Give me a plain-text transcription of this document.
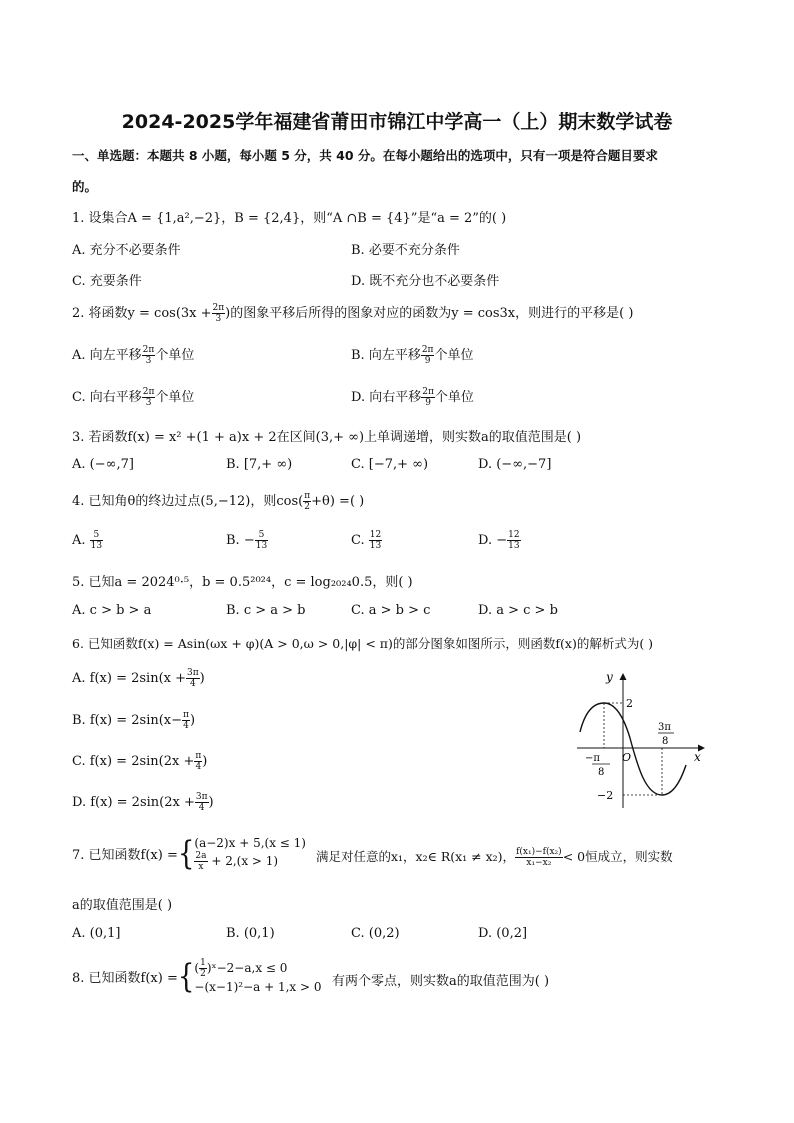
2024-2025学年福建省莆田市锦江中学高一（上）期末数学试卷
一、单选题：本题共 8 小题，每小题 5 分，共 40 分。在每小题给出的选项中，只有一项是符合题目要求
的。
1. 设集合A = {1,a²,−2}，B = {2,4}，则“A ∩B = {4}”是“a = 2”的( )
A. 充分不必要条件	B. 必要不充分条件
C. 充要条件	D. 既不充分也不必要条件
2. 将函数$y = \cos(3x + \frac{2\pi}{3}$ )的图象平移后所得的图象对应的函数为y = cos3x，则进行的平移是( )
A. 向左平移 $\frac{2\pi}{3}$ 个单位	B. 向左平移 $\frac{2\pi}{9}$ 个单位
C. 向右平移 $\frac{2\pi}{3}$ 个单位	D. 向右平移 $\frac{2\pi}{9}$ 个单位
3. 若函数f(x) = x² +(1 + a)x + 2在区间(3,+ ∞)上单调递增，则实数a的取值范围是( )
A. (−∞,7]	B. [7,+ ∞)	C. [−7,+ ∞)	D. (−∞,−7]
4. 已知角θ的终边过点(5,−12)，则$\cos( \frac{\pi}{2} +\theta)$ =( )
A. $\frac{5}{13}$	B. − $\frac{5}{13}$	C. $\frac{12}{13}$	D. − $\frac{12}{13}$
5. 已知a = 2024⁰·⁵，b = 0.5²⁰²⁴，c = log₂₀₂₄0.5，则( )
A. c > b > a	B. c > a > b	C. a > b > c	D. a > c > b
6. 已知函数f(x) = Asin(ωx + φ)(A > 0,ω > 0,|φ| < π)的部分图象如图所示，则函数f(x)的解析式为( )
A. $f(x) = 2\sin(x + \frac{3\pi}{4}$ )
B. $f(x) = 2\sin(x- \frac{\pi}{4}$ )
C. $f(x) = 2\sin(2x + \frac{\pi}{4}$ )
D. $f(x) = 2\sin(2x + \frac{3\pi}{4}$ )
y
x
O
2
−2
3π
8
−π
8
7. 已知函数f(x) ={ (a−2)x + 5,(x ≤ 1)
$\frac{2a}{x} + 2,(x > 1)$	满足对任意的x₁，x₂∈ R(x₁ ≠ x₂)， $\frac{\text{f(x₁)−f(x₂)}}{\text{x₁−x₂}} < 0$恒成立，则实数
a的取值范围是( )
A. (0,1]	B. (0,1)	C. (0,2)	D. (0,2]
8. 已知函数f(x) ={ ( $\frac{1}{2}$ )ˣ−2−a,x ≤ 0
−(x−1)²−a + 1,x > 0 有两个零点，则实数a的取值范围为( )
